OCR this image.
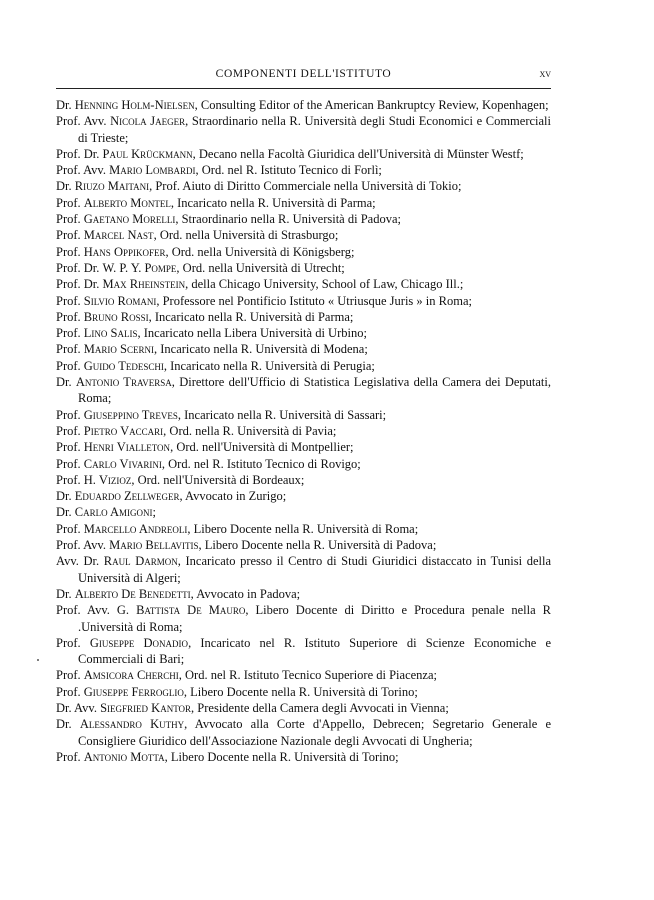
COMPONENTI DELL'ISTITUTO	xv
Dr. Henning Holm-Nielsen, Consulting Editor of the American Bankruptcy Review, Kopenhagen;
Prof. Avv. Nicola Jaeger, Straordinario nella R. Università degli Studi Economici e Commerciali di Trieste;
Prof. Dr. Paul Krückmann, Decano nella Facoltà Giuridica dell'Università di Münster Westf;
Prof. Avv. Mario Lombardi, Ord. nel R. Istituto Tecnico di Forlì;
Dr. Riuzo Maitani, Prof. Aiuto di Diritto Commerciale nella Università di Tokio;
Prof. Alberto Montel, Incaricato nella R. Università di Parma;
Prof. Gaetano Morelli, Straordinario nella R. Università di Padova;
Prof. Marcel Nast, Ord. nella Università di Strasburgo;
Prof. Hans Oppikofer, Ord. nella Università di Königsberg;
Prof. Dr. W. P. Y. Pompe, Ord. nella Università di Utrecht;
Prof. Dr. Max Rheinstein, della Chicago University, School of Law, Chicago Ill.;
Prof. Silvio Romani, Professore nel Pontificio Istituto « Utriusque Juris » in Roma;
Prof. Bruno Rossi, Incaricato nella R. Università di Parma;
Prof. Lino Salis, Incaricato nella Libera Università di Urbino;
Prof. Mario Scerni, Incaricato nella R. Università di Modena;
Prof. Guido Tedeschi, Incaricato nella R. Università di Perugia;
Dr. Antonio Traversa, Direttore dell'Ufficio di Statistica Legislativa della Camera dei Deputati, Roma;
Prof. Giuseppino Treves, Incaricato nella R. Università di Sassari;
Prof. Pietro Vaccari, Ord. nella R. Università di Pavia;
Prof. Henri Vialleton, Ord. nell'Università di Montpellier;
Prof. Carlo Vivarini, Ord. nel R. Istituto Tecnico di Rovigo;
Prof. H. Vizioz, Ord. nell'Università di Bordeaux;
Dr. Eduardo Zellweger, Avvocato in Zurigo;
Dr. Carlo Amigoni;
Prof. Marcello Andreoli, Libero Docente nella R. Università di Roma;
Prof. Avv. Mario Bellavitis, Libero Docente nella R. Università di Padova;
Avv. Dr. Raul Darmon, Incaricato presso il Centro di Studi Giuridici distaccato in Tunisi della Università di Algeri;
Dr. Alberto De Benedetti, Avvocato in Padova;
Prof. Avv. G. Battista De Mauro, Libero Docente di Diritto e Procedura penale nella R .Università di Roma;
Prof. Giuseppe Donadio, Incaricato nel R. Istituto Superiore di Scienze Economiche e Commerciali di Bari;
Prof. Amsicora Cherchi, Ord. nel R. Istituto Tecnico Superiore di Piacenza;
Prof. Giuseppe Ferroglio, Libero Docente nella R. Università di Torino;
Dr. Avv. Siegfried Kantor, Presidente della Camera degli Avvocati in Vienna;
Dr. Alessandro Kuthy, Avvocato alla Corte d'Appello, Debrecen; Segretario Generale e Consigliere Giuridico dell'Associazione Nazionale degli Avvocati di Ungheria;
Prof. Antonio Motta, Libero Docente nella R. Università di Torino;
